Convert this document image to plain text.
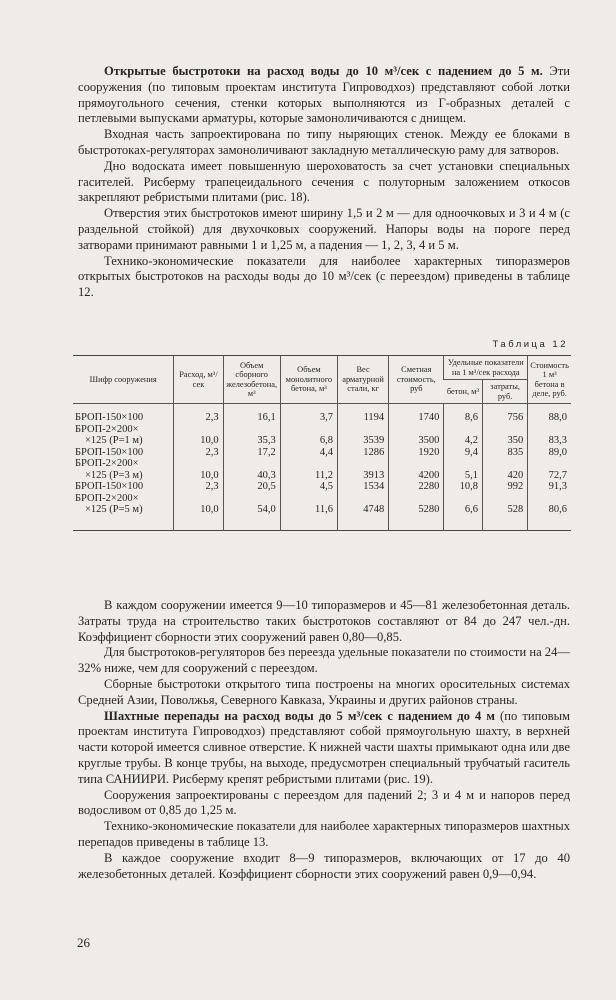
Открытые быстротоки на расход воды до 10 м³/сек с падением до 5 м. Эти сооружения (по типовым проектам института Гипроводхоз) представляют собой лотки прямоугольного сечения, стенки которых выполняются из Г-образных деталей с петлевыми выпусками арматуры, которые замоноличиваются с днищем.

Входная часть запроектирована по типу ныряющих стенок. Между ее блоками в быстротоках-регуляторах замоноличивают закладную металлическую раму для затворов.

Дно водоската имеет повышенную шероховатость за счет установки специальных гасителей. Рисберму трапецеидального сечения с полуторным заложением откосов закрепляют ребристыми плитами (рис. 18).

Отверстия этих быстротоков имеют ширину 1,5 и 2 м — для одноочковых и 3 и 4 м (с раздельной стойкой) для двухочковых сооружений. Напоры воды на пороге перед затворами принимают равными 1 и 1,25 м, а падения — 1, 2, 3, 4 и 5 м.

Технико-экономические показатели для наиболее характерных типоразмеров открытых быстротоков на расходы воды до 10 м³/сек (с переездом) приведены в таблице 12.

Таблица 12
Шифр сооружения	Расход, м³/сек	Объем сборного железобетона, м³	Объем монолитного бетона, м³	Вес арматурной стали, кг	Сметная стоимость, руб	Удельные показатели на 1 м³/сек расхода		Стоимость 1 м³ бетона в деле, руб.
						бетон, м³	затраты, руб.	
БРОП-150×100	2,3	16,1	3,7	1194	1740	8,6	756	88,0
БРОП-2×200×								
×125 (P=1 м)	10,0	35,3	6,8	3539	3500	4,2	350	83,3
БРОП-150×100	2,3	17,2	4,4	1286	1920	9,4	835	89,0
БРОП-2×200×								
×125 (P=3 м)	10,0	40,3	11,2	3913	4200	5,1	420	72,7
БРОП-150×100	2,3	20,5	4,5	1534	2280	10,8	992	91,3
БРОП-2×200×								
×125 (P=5 м)	10,0	54,0	11,6	4748	5280	6,6	528	80,6

В каждом сооружении имеется 9—10 типоразмеров и 45—81 железобетонная деталь. Затраты труда на строительство таких быстротоков составляют от 84 до 247 чел.-дн. Коэффициент сборности этих сооружений равен 0,80—0,85.

Для быстротоков-регуляторов без переезда удельные показатели по стоимости на 24—32% ниже, чем для сооружений с переездом.

Сборные быстротоки открытого типа построены на многих оросительных системах Средней Азии, Поволжья, Северного Кавказа, Украины и других районов страны.

Шахтные перепады на расход воды до 5 м³/сек с падением до 4 м (по типовым проектам института Гипроводхоз) представляют собой прямоугольную шахту, в верхней части которой имеется сливное отверстие. К нижней части шахты примыкают одна или две круглые трубы. В конце трубы, на выходе, предусмотрен специальный трубчатый гаситель типа САНИИРИ. Рисберму крепят ребристыми плитами (рис. 19).

Сооружения запроектированы с переездом для падений 2; 3 и 4 м и напоров перед водосливом от 0,85 до 1,25 м.

Технико-экономические показатели для наиболее характерных типоразмеров шахтных перепадов приведены в таблице 13.

В каждое сооружение входит 8—9 типоразмеров, включающих от 17 до 40 железобетонных деталей. Коэффициент сборности этих сооружений равен 0,9—0,94.

26
